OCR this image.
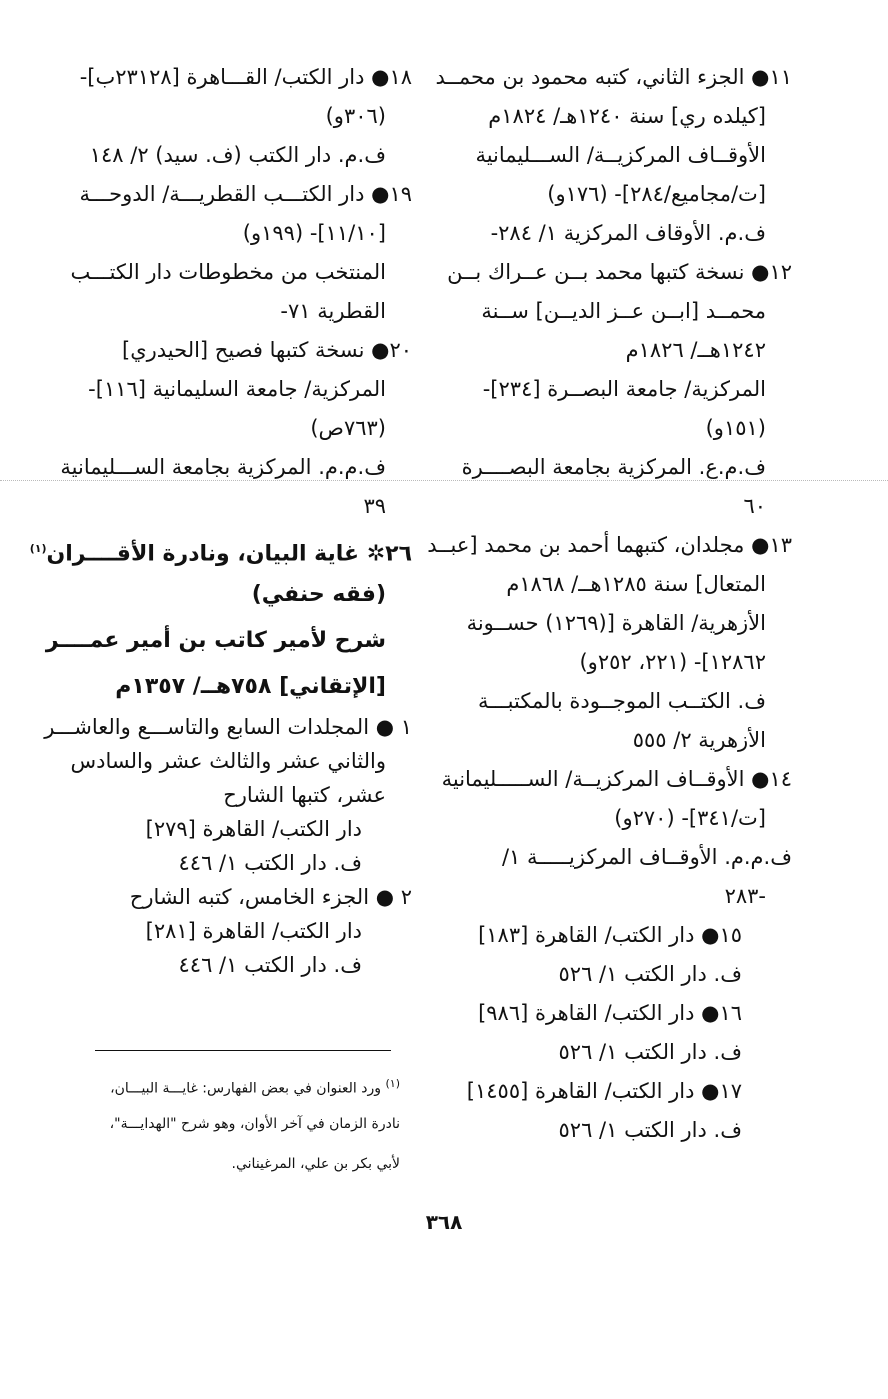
١١● الجزء الثاني، كتبه محمود بن محمــد
[كيلده ري] سنة ١٢٤٠هـ/ ١٨٢٤م
الأوقــاف المركزيــة/ الســـليمانية
[ت/مجاميع/٢٨٤]- (١٧٦و)
ف.م. الأوقاف المركزية ١/ ٢٨٤-
١٢● نسخة كتبها محمد بــن عــراك بــن
محمــد [ابــن عــز الديــن] ســنة
١٢٤٢هــ/ ١٨٢٦م
المركزية/ جامعة البصــرة [٢٣٤]-
(١٥١و)
ف.م.ع. المركزية بجامعة البصــــرة
٦٠
١٣● مجلدان، كتبهما أحمد بن محمد [عبــد
المتعال] سنة ١٢٨٥هــ/ ١٨٦٨م
الأزهرية/ القاهرة [(١٢٦٩) حســونة
١٢٨٦٢]- (٢٢١، ٢٥٢و)
ف. الكتــب الموجــودة بالمكتبـــة
الأزهرية ٢/ ٥٥٥
١٤● الأوقــاف المركزيــة/ الســـــليمانية
[ت/٣٤١]- (٢٧٠و)
ف.م.م. الأوقــاف المركزيـــــة ١/
-٢٨٣
١٥● دار الكتب/ القاهرة [١٨٣]
ف. دار الكتب ١/ ٥٢٦
١٦● دار الكتب/ القاهرة [٩٨٦]
ف. دار الكتب ١/ ٥٢٦
١٧● دار الكتب/ القاهرة [١٤٥٥]
ف. دار الكتب ١/ ٥٢٦
١٨● دار الكتب/ القـــاهرة [٢٣١٢٨ب]-
(٣٠٦و)
ف.م. دار الكتب (ف. سيد) ٢/ ١٤٨
١٩● دار الكتـــب القطريـــة/ الدوحـــة
[١١/١٠]- (١٩٩و)
المنتخب من مخطوطات دار الكتـــب
القطرية ٧١-
٢٠● نسخة كتبها فصيح [الحيدري]
المركزية/ جامعة السليمانية [١١٦]-
(٧٦٣ص)
ف.م.م. المركزية بجامعة الســـليمانية
٣٩
٢٦✲ غاية البيان، ونادرة الأقــــران$^{(١)}$
(فقه حنفي)
شرح لأمير كاتب بن أمير عمــــر
[الإتقاني] ٧٥٨هــ/ ١٣٥٧م
١ ● المجلدات السابع والتاســـع والعاشـــر
والثاني عشر والثالث عشر والسادس
عشر، كتبها الشارح
دار الكتب/ القاهرة [٢٧٩]
ف. دار الكتب ١/ ٤٤٦
٢ ● الجزء الخامس، كتبه الشارح
دار الكتب/ القاهرة [٢٨١]
ف. دار الكتب ١/ ٤٤٦
$^{(١)}$ ورد العنوان في بعض الفهارس: غايـــة البيـــان،
نادرة الزمان في آخر الأوان، وهو شرح "الهدايـــة"،
لأبي بكر بن علي، المرغيناني.
٣٦٨
